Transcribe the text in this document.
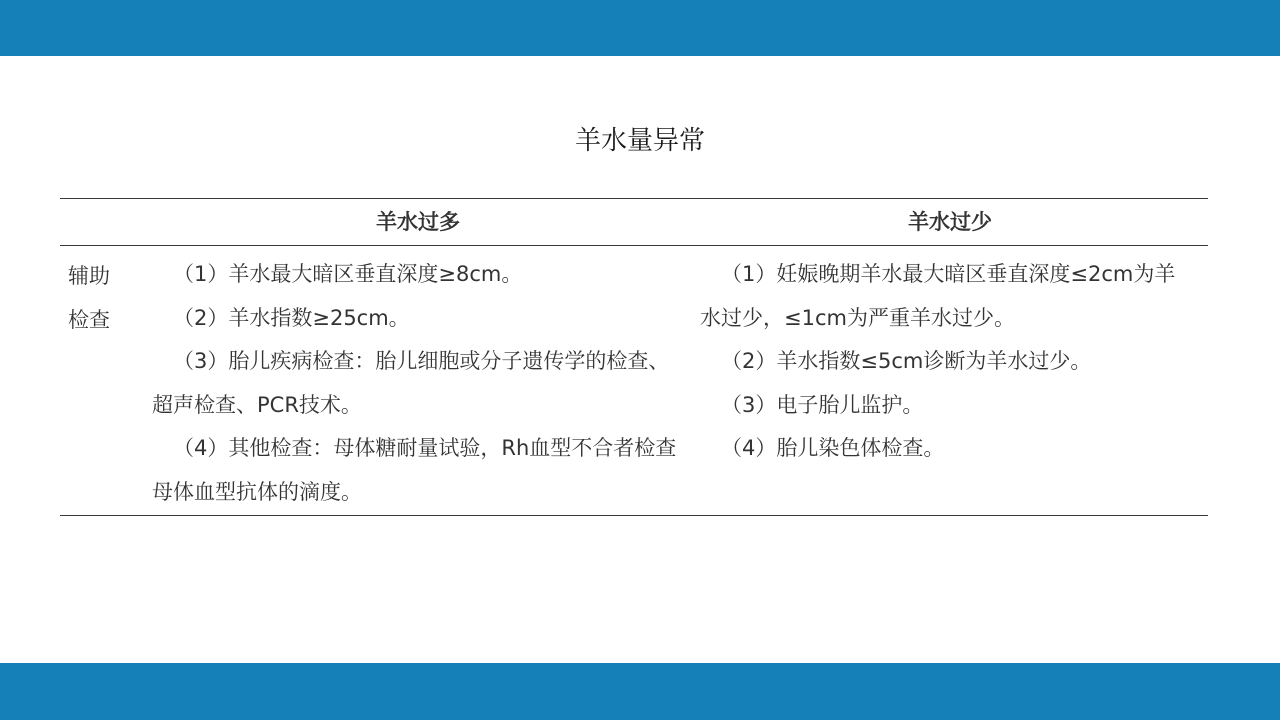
羊水量异常
羊水过多	羊水过少
辅助
检查

（1）羊水最大暗区垂直深度≥8cm。

（2）羊水指数≥25cm。

（3）胎儿疾病检查：胎儿细胞或分子遗传学的检查、超声检查、PCR技术。

（4）其他检查：母体糖耐量试验，Rh血型不合者检查母体血型抗体的滴度。

（1）妊娠晚期羊水最大暗区垂直深度≤2cm为羊水过少，≤1cm为严重羊水过少。

（2）羊水指数≤5cm诊断为羊水过少。

（3）电子胎儿监护。

（4）胎儿染色体检查。
